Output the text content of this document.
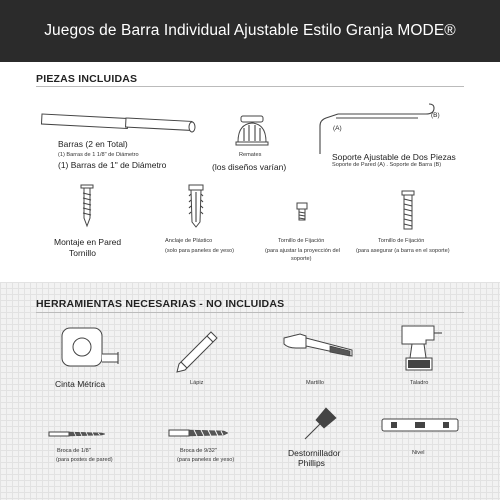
Juegos de Barra Individual Ajustable Estilo Granja MODE®
PIEZAS INCLUIDAS
Barras (2 en Total)
(1) Barras de 1 1/8" de Diámetro
(1) Barras de 1" de Diámetro
Remates
(los diseños varían)
(A)
(B)
Soporte Ajustable de Dos Piezas
Soporte de Pared (A) . Soporte de Barra (B)
Montaje en Pared
Tornillo
Anclaje de Plástico
(solo para paneles de yeso)
Tornillo de Fijación
(para ajustar la proyección del
soporte)
Tornillo de Fijación
(para asegurar (a barra en el soporte)
HERRAMIENTAS NECESARIAS - NO INCLUIDAS
Cinta Métrica	Lápiz	Martillo	Taladro
Broca de 1/8"
(para postes de pared)
Broca de 9/32"
(para paneles de yeso)
Destornillador
Phillips
Nivel
